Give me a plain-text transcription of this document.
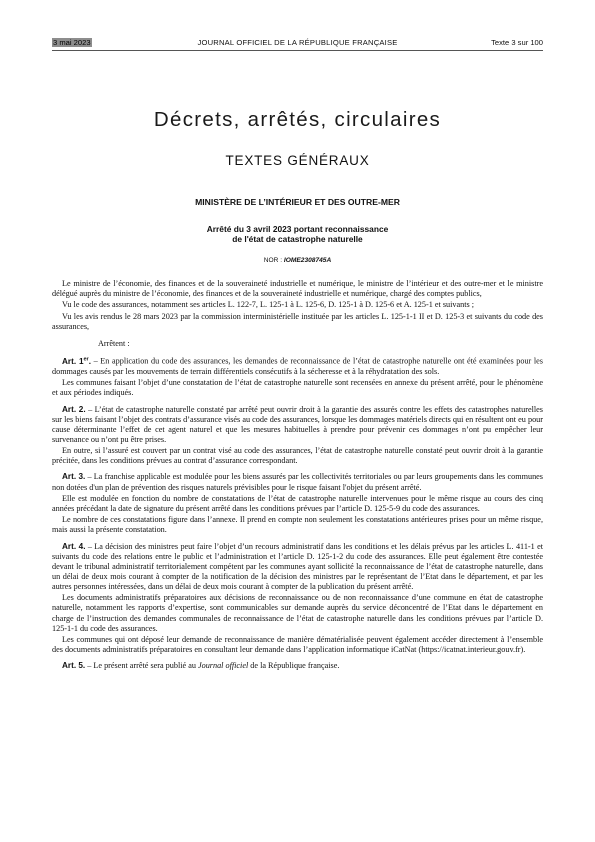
3 mai 2023	JOURNAL OFFICIEL DE LA RÉPUBLIQUE FRANÇAISE	Texte 3 sur 100
Décrets, arrêtés, circulaires
TEXTES GÉNÉRAUX
MINISTÈRE DE L’INTÉRIEUR ET DES OUTRE-MER
Arrêté du 3 avril 2023 portant reconnaissance
de l'état de catastrophe naturelle
NOR : IOME2308745A

Le ministre de l’économie, des finances et de la souveraineté industrielle et numérique, le ministre de l’intérieur et des outre-mer et le ministre délégué auprès du ministre de l’économie, des finances et de la souveraineté industrielle et numérique, chargé des comptes publics,

Vu le code des assurances, notamment ses articles L. 122-7, L. 125-1 à L. 125-6, D. 125-1 à D. 125-6 et A. 125-1 et suivants ;

Vu les avis rendus le 28 mars 2023 par la commission interministérielle instituée par les articles L. 125-1-1 II et D. 125-3 et suivants du code des assurances,

Arrêtent :

Art. 1er. – En application du code des assurances, les demandes de reconnaissance de l’état de catastrophe naturelle ont été examinées pour les dommages causés par les mouvements de terrain différentiels consécutifs à la sécheresse et à la réhydratation des sols.

Les communes faisant l’objet d’une constatation de l’état de catastrophe naturelle sont recensées en annexe du présent arrêté, pour le phénomène et aux périodes indiqués.

Art. 2. – L’état de catastrophe naturelle constaté par arrêté peut ouvrir droit à la garantie des assurés contre les effets des catastrophes naturelles sur les biens faisant l’objet des contrats d’assurance visés au code des assurances, lorsque les dommages matériels directs qui en résultent ont eu pour cause déterminante l’effet de cet agent naturel et que les mesures habituelles à prendre pour prévenir ces dommages n’ont pu empêcher leur survenance ou n’ont pu être prises.

En outre, si l’assuré est couvert par un contrat visé au code des assurances, l’état de catastrophe naturelle constaté peut ouvrir droit à la garantie précitée, dans les conditions prévues au contrat d’assurance correspondant.

Art. 3. – La franchise applicable est modulée pour les biens assurés par les collectivités territoriales ou par leurs groupements dans les communes non dotées d'un plan de prévention des risques naturels prévisibles pour le risque faisant l'objet du présent arrêté.

Elle est modulée en fonction du nombre de constatations de l’état de catastrophe naturelle intervenues pour le même risque au cours des cinq années précédant la date de signature du présent arrêté dans les conditions prévues par l’article D. 125-5-9 du code des assurances.

Le nombre de ces constatations figure dans l’annexe. Il prend en compte non seulement les constatations antérieures prises pour un même risque, mais aussi la présente constatation.

Art. 4. – La décision des ministres peut faire l’objet d’un recours administratif dans les conditions et les délais prévus par les articles L. 411-1 et suivants du code des relations entre le public et l’administration et l’article D. 125-1-2 du code des assurances. Elle peut également être contestée devant le tribunal administratif territorialement compétent par les communes ayant sollicité la reconnaissance de l’état de catastrophe naturelle, dans un délai de deux mois courant à compter de la notification de la décision des ministres par le représentant de l’Etat dans le département, et par les autres personnes intéressées, dans un délai de deux mois courant à compter de la publication du présent arrêté.

Les documents administratifs préparatoires aux décisions de reconnaissance ou de non reconnaissance d’une commune en état de catastrophe naturelle, notamment les rapports d’expertise, sont communicables sur demande auprès du service déconcentré de l’Etat dans le département en charge de l’instruction des demandes communales de reconnaissance de l’état de catastrophe naturelle dans les conditions prévues par l’article D. 125-1-1 du code des assurances.

Les communes qui ont déposé leur demande de reconnaissance de manière dématérialisée peuvent également accéder directement à l’ensemble des documents administratifs préparatoires en consultant leur demande dans l’application informatique iCatNat (https://icatnat.interieur.gouv.fr).

Art. 5. – Le présent arrêté sera publié au Journal officiel de la République française.
